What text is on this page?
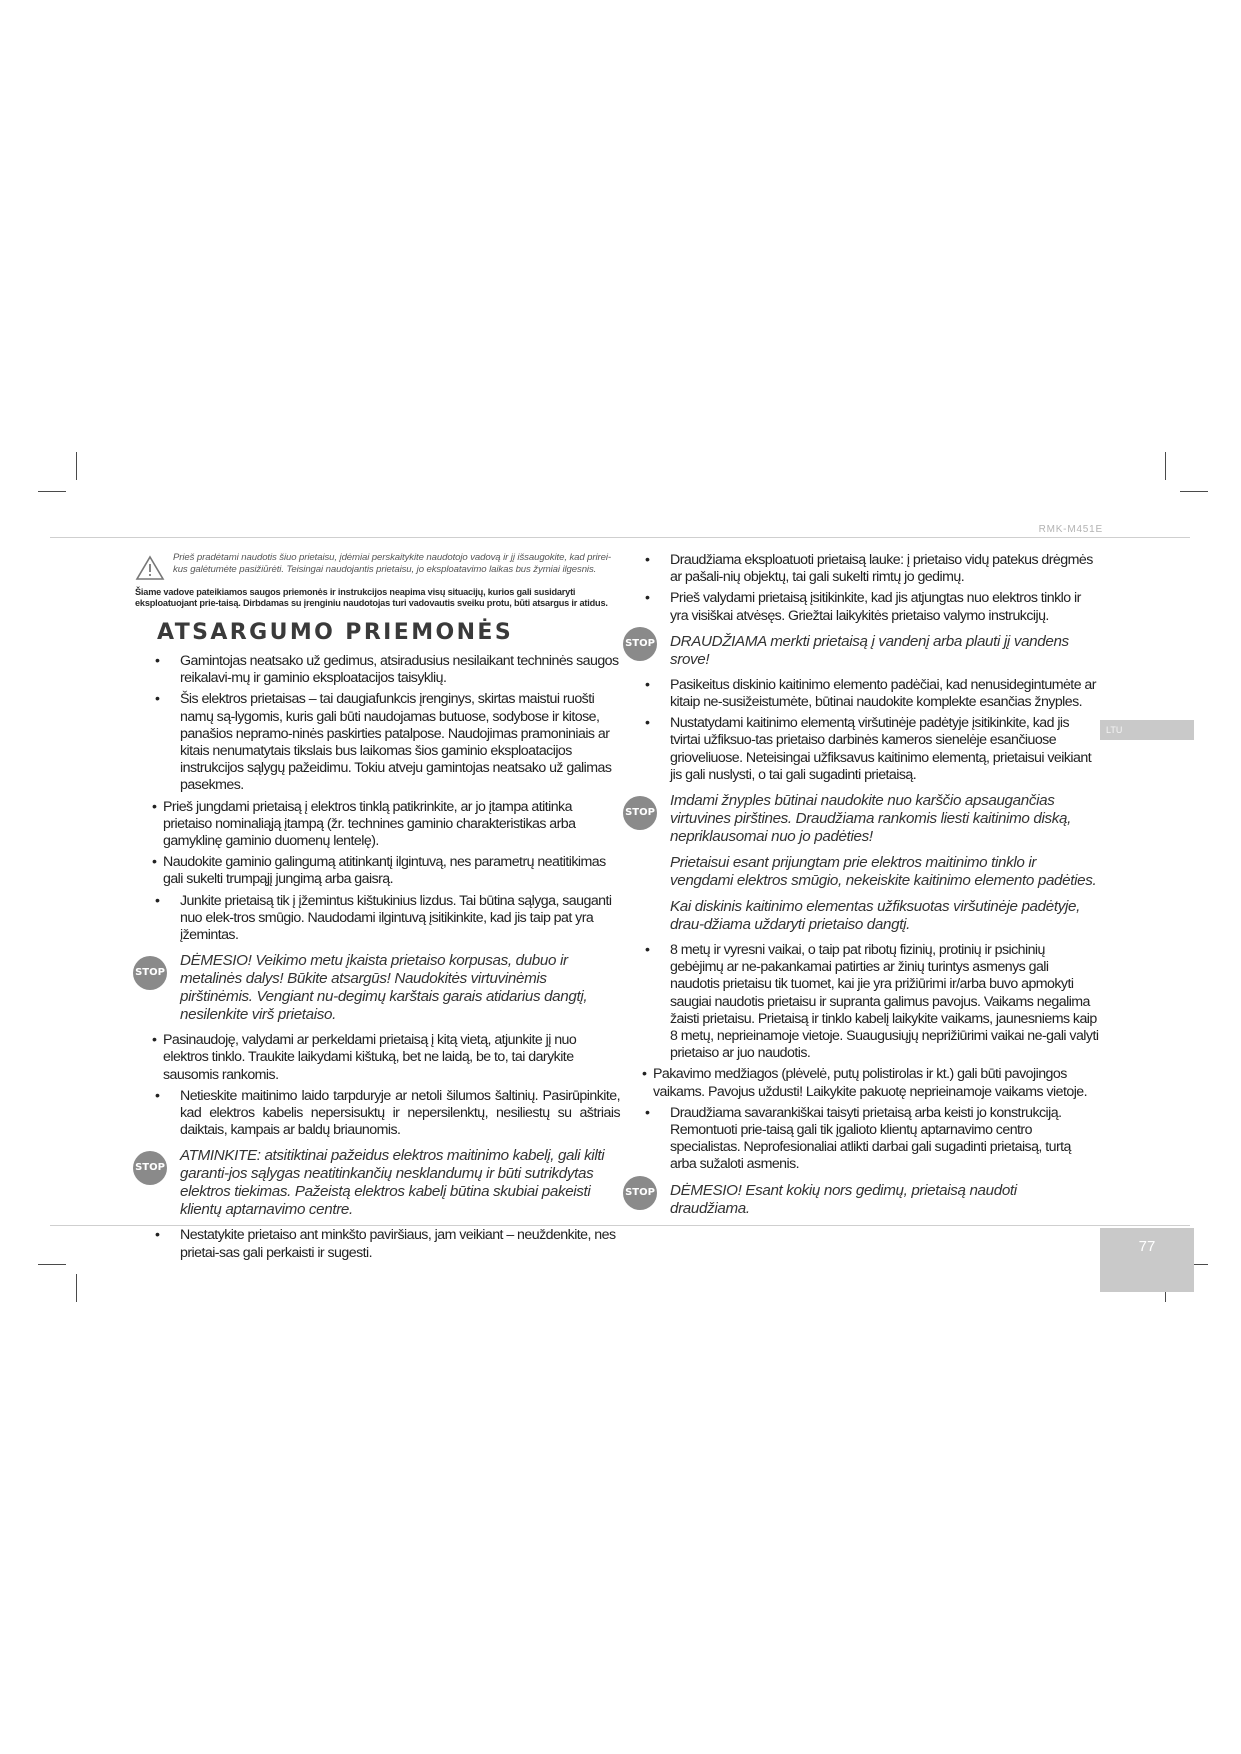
RMK-M451E
LTU
77
Prieš pradėtami naudotis šiuo prietaisu, įdėmiai perskaitykite naudotojo vadovą ir jį išsaugokite, kad prirei-kus galėtumėte pasižiūrėti. Teisingai naudojantis prietaisu, jo eksploatavimo laikas bus žymiai ilgesnis.
Šiame vadove pateikiamos saugos priemonės ir instrukcijos neapima visų situacijų, kurios gali susidaryti eksploatuojant prie-taisą. Dirbdamas su įrenginiu naudotojas turi vadovautis sveiku protu, būti atsargus ir atidus.
ATSARGUMO PRIEMONĖS
• Gamintojas neatsako už gedimus, atsiradusius nesilaikant techninės saugos reikalavi-mų ir gaminio eksploatacijos taisyklių.
• Šis elektros prietaisas – tai daugiafunkcis įrenginys, skirtas maistui ruošti namų są-lygomis, kuris gali būti naudojamas butuose, sodybose ir kitose, panašios nepramo-ninės paskirties patalpose. Naudojimas pramoniniais ar kitais nenumatytais tikslais bus laikomas šios gaminio eksploatacijos instrukcijos sąlygų pažeidimu. Tokiu atveju gamintojas neatsako už galimas pasekmes.
• Prieš jungdami prietaisą į elektros tinklą patikrinkite, ar jo įtampa atitinka prietaiso nominaliąją įtampą (žr. technines gaminio charakteristikas arba gamyklinę gaminio duomenų lentelę).
• Naudokite gaminio galingumą atitinkantį ilgintuvą, nes parametrų neatitikimas gali sukelti trumpąjį jungimą arba gaisrą.
• Junkite prietaisą tik į įžemintus kištukinius lizdus. Tai būtina sąlyga, sauganti nuo elek-tros smūgio. Naudodami ilgintuvą įsitikinkite, kad jis taip pat yra įžemintas.
STOP
DĖMESIO! Veikimo metu įkaista prietaiso korpusas, dubuo ir metalinės dalys! Būkite atsargūs! Naudokitės virtuvinėmis pirštinėmis. Vengiant nu-degimų karštais garais atidarius dangtį, nesilenkite virš prietaiso.
• Pasinaudoję, valydami ar perkeldami prietaisą į kitą vietą, atjunkite jį nuo elektros tinklo. Traukite laikydami kištuką, bet ne laidą, be to, tai darykite sausomis rankomis.
• Netieskite maitinimo laido tarpduryje ar netoli šilumos šaltinių. Pasirūpinkite, kad elektros kabelis nepersisuktų ir nepersilenktų, nesiliestų su aštriais daiktais, kampais ar baldų briaunomis.
STOP
ATMINKITE: atsitiktinai pažeidus elektros maitinimo kabelį, gali kilti garanti-jos sąlygas neatitinkančių nesklandumų ir būti sutrikdytas elektros tiekimas. Pažeistą elektros kabelį būtina skubiai pakeisti klientų aptarnavimo centre.
• Nestatykite prietaiso ant minkšto paviršiaus, jam veikiant – neuždenkite, nes prietai-sas gali perkaisti ir sugesti.
• Draudžiama eksploatuoti prietaisą lauke: į prietaiso vidų patekus drėgmės ar pašali-nių objektų, tai gali sukelti rimtų jo gedimų.
• Prieš valydami prietaisą įsitikinkite, kad jis atjungtas nuo elektros tinklo ir yra visiškai atvėsęs. Griežtai laikykitės prietaiso valymo instrukcijų.
STOP DRAUDŽIAMA merkti prietaisą į vandenį arba plauti jį vandens srove!
• Pasikeitus diskinio kaitinimo elemento padėčiai, kad nenusidegintumėte ar kitaip ne-susižeistumėte, būtinai naudokite komplekte esančias žnyples.
• Nustatydami kaitinimo elementą viršutinėje padėtyje įsitikinkite, kad jis tvirtai užfiksuo-tas prietaiso darbinės kameros sienelėje esančiuose grioveliuose. Neteisingai užfiksavus kaitinimo elementą, prietaisui veikiant jis gali nuslysti, o tai gali sugadinti prietaisą.
STOP
Imdami žnyples būtinai naudokite nuo karščio apsaugančias virtuvines pirštines. Draudžiama rankomis liesti kaitinimo diską, nepriklausomai nuo jo padėties!
Prietaisui esant prijungtam prie elektros maitinimo tinklo ir vengdami elektros smūgio, nekeiskite kaitinimo elemento padėties.
Kai diskinis kaitinimo elementas užfiksuotas viršutinėje padėtyje, drau-džiama uždaryti prietaiso dangtį.
• 8 metų ir vyresni vaikai, o taip pat ribotų fizinių, protinių ir psichinių gebėjimų ar ne-pakankamai patirties ar žinių turintys asmenys gali naudotis prietaisu tik tuomet, kai jie yra prižiūrimi ir/arba buvo apmokyti saugiai naudotis prietaisu ir supranta galimus pavojus. Vaikams negalima žaisti prietaisu. Prietaisą ir tinklo kabelį laikykite vaikams, jaunesniems kaip 8 metų, neprieinamoje vietoje. Suaugusiųjų neprižiūrimi vaikai ne-gali valyti prietaiso ar juo naudotis.
• Pakavimo medžiagos (plėvelė, putų polistirolas ir kt.) gali būti pavojingos vaikams. Pavojus uždusti! Laikykite pakuotę neprieinamoje vaikams vietoje.
• Draudžiama savarankiškai taisyti prietaisą arba keisti jo konstrukciją. Remontuoti prie-taisą gali tik įgalioto klientų aptarnavimo centro specialistas. Neprofesionaliai atlikti darbai gali sugadinti prietaisą, turtą arba sužaloti asmenis.
STOP DĖMESIO! Esant kokių nors gedimų, prietaisą naudoti draudžiama.
